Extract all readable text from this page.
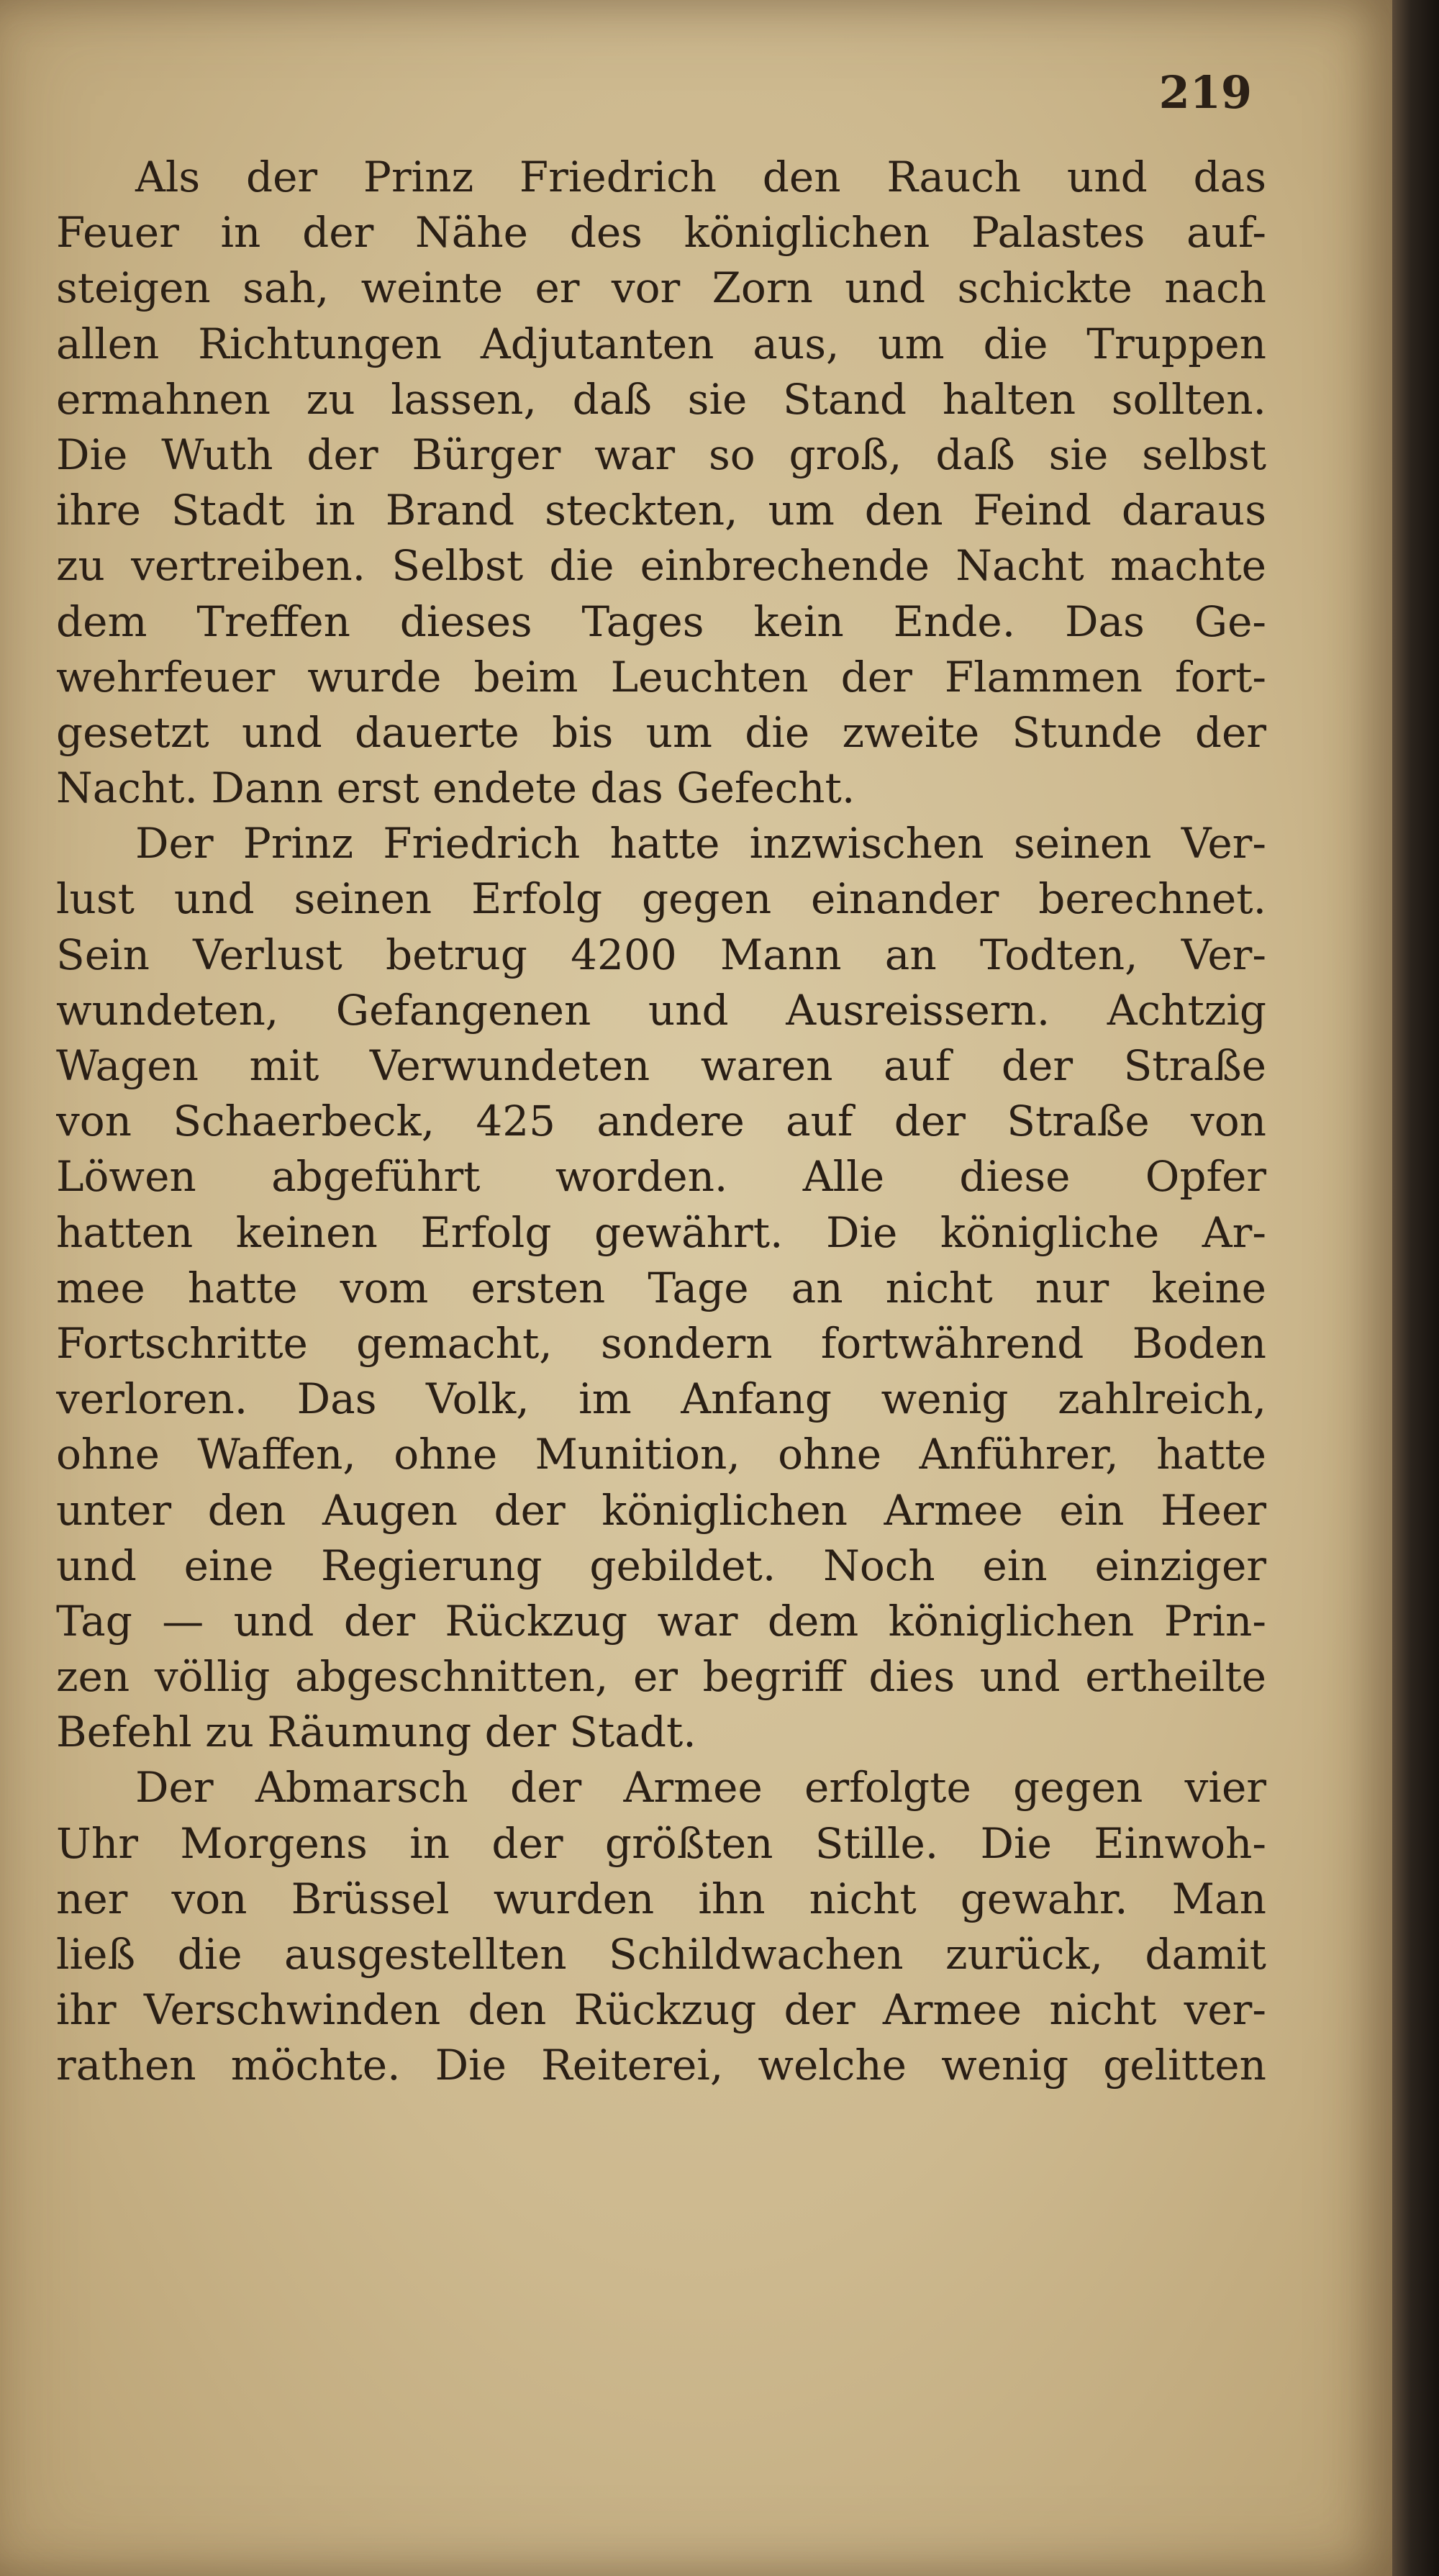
219
Als der Prinz Friedrich den Rauch und das
Feuer in der Nähe des königlichen Palastes auf-
steigen sah, weinte er vor Zorn und schickte nach
allen Richtungen Adjutanten aus, um die Truppen
ermahnen zu lassen, daß sie Stand halten sollten.
Die Wuth der Bürger war so groß, daß sie selbst
ihre Stadt in Brand steckten, um den Feind daraus
zu vertreiben. Selbst die einbrechende Nacht machte
dem Treffen dieses Tages kein Ende. Das Ge-
wehrfeuer wurde beim Leuchten der Flammen fort-
gesetzt und dauerte bis um die zweite Stunde der
Nacht. Dann erst endete das Gefecht.
Der Prinz Friedrich hatte inzwischen seinen Ver-
lust und seinen Erfolg gegen einander berechnet.
Sein Verlust betrug 4200 Mann an Todten, Ver-
wundeten, Gefangenen und Ausreissern. Achtzig
Wagen mit Verwundeten waren auf der Straße
von Schaerbeck, 425 andere auf der Straße von
Löwen abgeführt worden. Alle diese Opfer
hatten keinen Erfolg gewährt. Die königliche Ar-
mee hatte vom ersten Tage an nicht nur keine
Fortschritte gemacht, sondern fortwährend Boden
verloren. Das Volk, im Anfang wenig zahlreich,
ohne Waffen, ohne Munition, ohne Anführer, hatte
unter den Augen der königlichen Armee ein Heer
und eine Regierung gebildet. Noch ein einziger
Tag — und der Rückzug war dem königlichen Prin-
zen völlig abgeschnitten, er begriff dies und ertheilte
Befehl zu Räumung der Stadt.
Der Abmarsch der Armee erfolgte gegen vier
Uhr Morgens in der größten Stille. Die Einwoh-
ner von Brüssel wurden ihn nicht gewahr. Man
ließ die ausgestellten Schildwachen zurück, damit
ihr Verschwinden den Rückzug der Armee nicht ver-
rathen möchte. Die Reiterei, welche wenig gelitten
